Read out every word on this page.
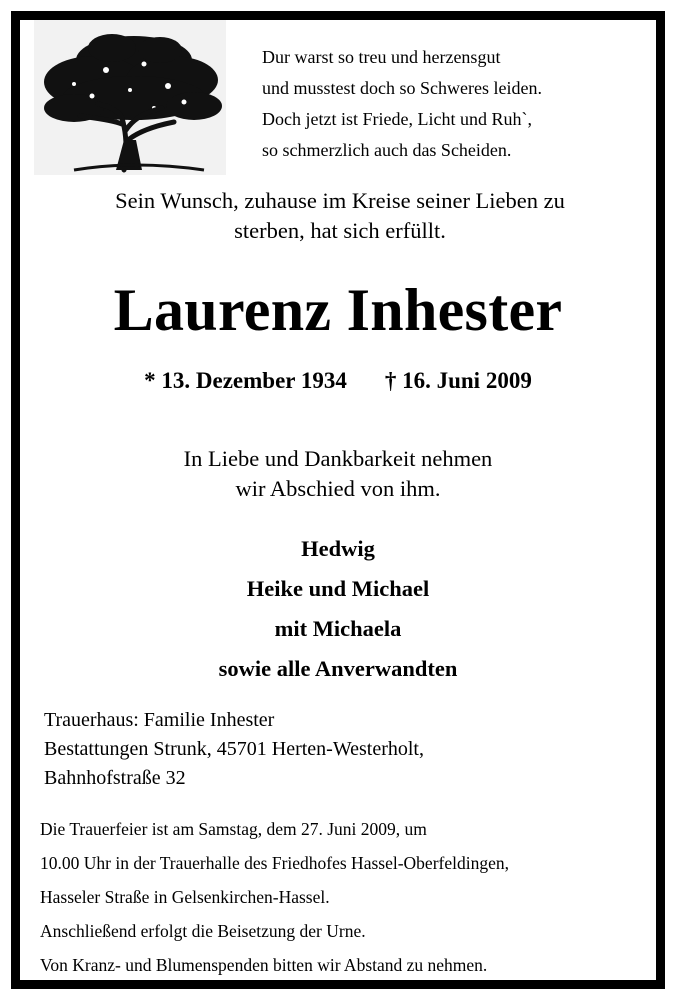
Dur warst so treu und herzensgut
und musstest doch so Schweres leiden.
Doch jetzt ist Friede, Licht und Ruh`,
so schmerzlich auch das Scheiden.
Sein Wunsch, zuhause im Kreise seiner Lieben zu
sterben, hat sich erfüllt.
Laurenz Inhester
* 13. Dezember 1934 † 16. Juni 2009
In Liebe und Dankbarkeit nehmen
wir Abschied von ihm.
Hedwig
Heike und Michael
mit Michaela
sowie alle Anverwandten
Trauerhaus: Familie Inhester
Bestattungen Strunk, 45701 Herten-Westerholt,
Bahnhofstraße 32
Die Trauerfeier ist am Samstag, dem 27. Juni 2009, um
10.00 Uhr in der Trauerhalle des Friedhofes Hassel-Oberfeldingen,
Hasseler Straße in Gelsenkirchen-Hassel.
Anschließend erfolgt die Beisetzung der Urne.
Von Kranz- und Blumenspenden bitten wir Abstand zu nehmen.
